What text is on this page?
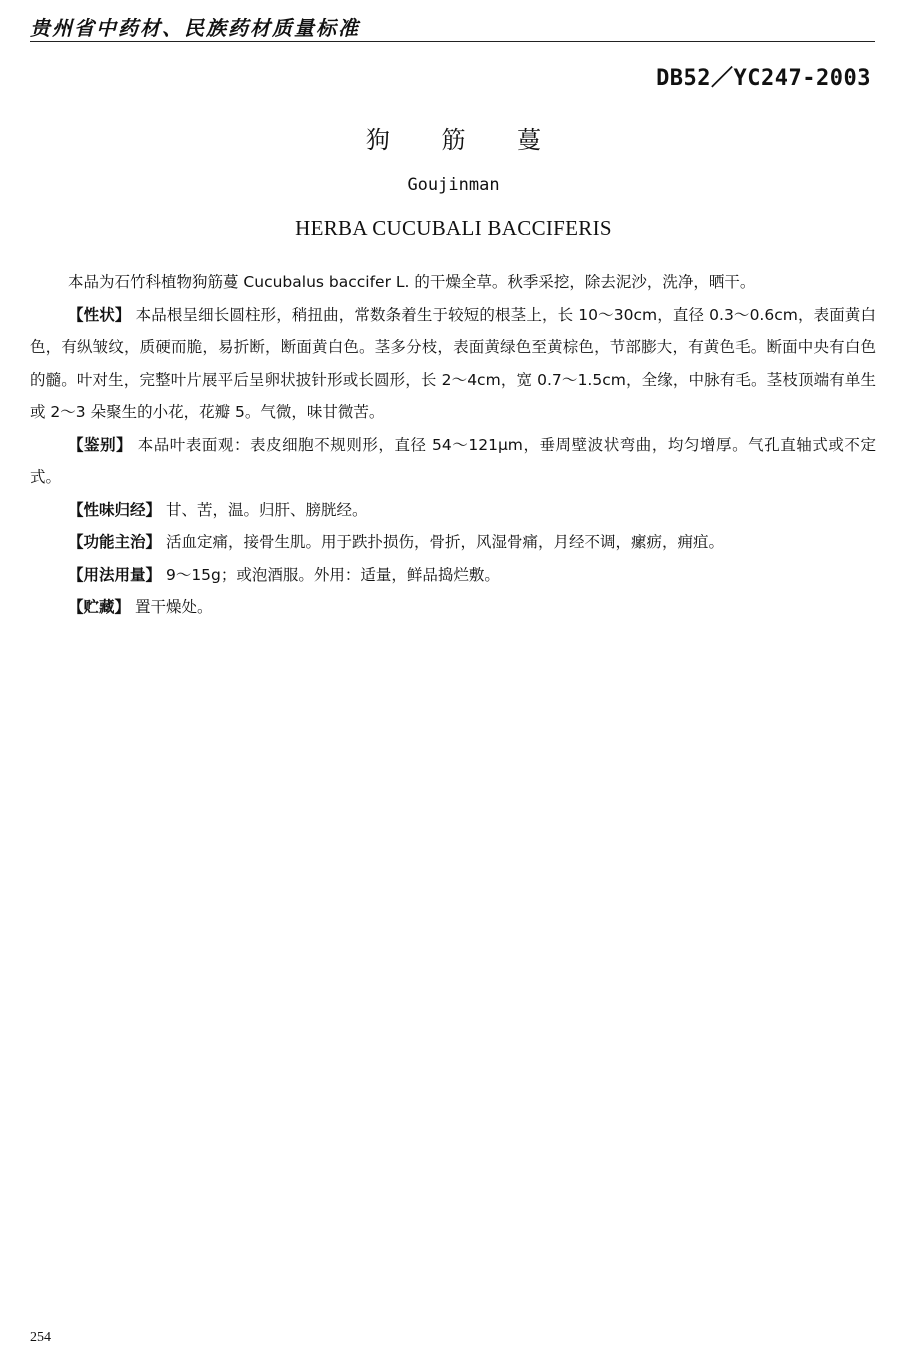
贵州省中药材、民族药材质量标准
DB52／YC247-2003
狗 筋 蔓
Goujinman
HERBA CUCUBALI BACCIFERIS

本品为石竹科植物狗筋蔓 Cucubalus baccifer L. 的干燥全草。秋季采挖，除去泥沙，洗净，晒干。

【性状】 本品根呈细长圆柱形，稍扭曲，常数条着生于较短的根茎上，长 10～30cm，直径 0.3～0.6cm，表面黄白色，有纵皱纹，质硬而脆，易折断，断面黄白色。茎多分枝，表面黄绿色至黄棕色，节部膨大，有黄色毛。断面中央有白色的髓。叶对生，完整叶片展平后呈卵状披针形或长圆形，长 2～4cm，宽 0.7～1.5cm，全缘，中脉有毛。茎枝顶端有单生或 2～3 朵聚生的小花，花瓣 5。气微，味甘微苦。

【鉴别】 本品叶表面观：表皮细胞不规则形，直径 54～121μm，垂周壁波状弯曲，均匀增厚。气孔直轴式或不定式。

【性味归经】 甘、苦，温。归肝、膀胱经。

【功能主治】 活血定痛，接骨生肌。用于跌扑损伤，骨折，风湿骨痛，月经不调，瘰疬，痈疽。

【用法用量】 9～15g；或泡酒服。外用：适量，鲜品捣烂敷。

【贮藏】 置干燥处。

254
